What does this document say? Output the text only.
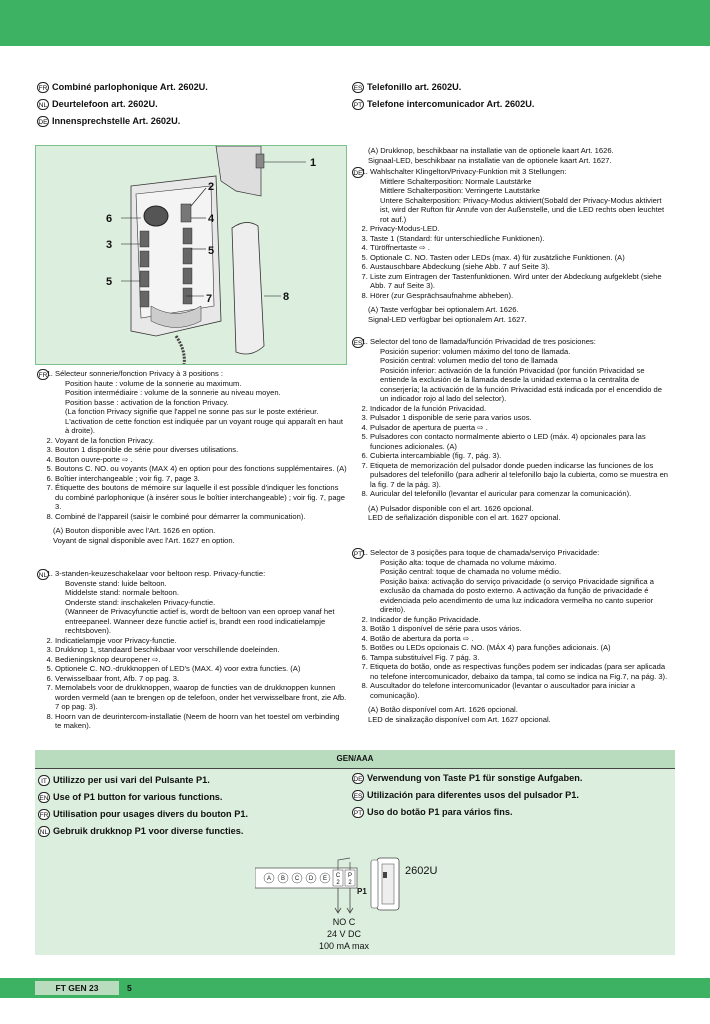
FR Combiné parlophonique Art. 2602U.
NL Deurtelefoon art. 2602U.
DE Innensprechstelle Art. 2602U.
ES Telefonillo art. 2602U.
PT Telefone intercomunicador Art. 2602U.
1
2
3
4
5
5
6
7	8
(A) Drukknop, beschikbaar na installatie van de optionele kaart Art. 1626.
Signaal-LED, beschikbaar na installatie van de optionele kaart Art. 1627.
DE 1. Wahlschalter Klingelton/Privacy-Funktion mit 3 Stellungen:
Mittlere Schalterposition: Normale Lautstärke
Mittlere Schalterposition: Verringerte Lautstärke
Untere Schalterposition: Privacy-Modus aktiviert(Sobald der Privacy-Modus aktiviert ist, wird der Rufton für Anrufe von der Außenstelle, und die LED rechts oben leuchtet rot auf.)
2. Privacy-Modus-LED.
3. Taste 1 (Standard: für unterschiedliche Funktionen).
4. Türöffnertaste ⇨ .
5. Optionale C. NO. Tasten oder LEDs (max. 4) für zusätzliche Funktionen. (A)
6. Austauschbare Abdeckung (siehe Abb. 7 auf Seite 3).
7. Liste zum Eintragen der Tastenfunktionen. Wird unter der Abdeckung aufgeklebt (siehe Abb. 7 auf Seite 3).
8. Hörer (zur Gesprächsaufnahme abheben).
(A) Taste verfügbar bei optionalem Art. 1626.
Signal-LED verfügbar bei optionalem Art. 1627.
ES 1. Selector del tono de llamada/función Privacidad de tres posiciones:
Posición superior: volumen máximo del tono de llamada.
Posición central: volumen medio del tono de llamada
Posición inferior: activación de la función Privacidad (por función Privacidad se entiende la exclusión de la llamada desde la unidad externa o la centralita de conserjería; la activación de la función Privacidad está indicada por el encendido de un indicador rojo al lado del selector).
2. Indicador de la función Privacidad.
3. Pulsador 1 disponible de serie para varios usos.
4. Pulsador de apertura de puerta ⇨ .
5. Pulsadores con contacto normalmente abierto o LED (máx. 4) opcionales para las funciones adicionales. (A)
6. Cubierta intercambiable (fig. 7, pág. 3).
7. Etiqueta de memorización del pulsador donde pueden indicarse las funciones de los pulsadores del telefonillo (para adherir al telefonillo bajo la cubierta, como se muestra en la fig. 7 de la pág. 3).
8. Auricular del telefonillo (levantar el auricular para comenzar la comunicación).
(A) Pulsador disponible con el art. 1626 opcional.
LED de señalización disponible con el art. 1627 opcional.
PT 1. Selector de 3 posições para toque de chamada/serviço Privacidade:
Posição alta: toque de chamada no volume máximo.
Posição central: toque de chamada no volume médio.
Posição baixa: activação do serviço privacidade (o serviço Privacidade significa a exclusão da chamada do posto externo. A activação da função de privacidade é evidenciada pelo acendimento de uma luz indicadora vermelha no canto superior direito).
2. Indicador de função Privacidade.
3. Botão 1 disponível de série para usos vários.
4. Botão de abertura da porta ⇨ .
5. Botões ou LEDs opcionais C. NO. (MÁX 4) para funções adicionais. (A)
6. Tampa substituível Fig. 7 pág. 3.
7. Etiqueta do botão, onde as respectivas funções podem ser indicadas (para ser aplicada no telefone intercomunicador, debaixo da tampa, tal como se indica na Fig.7, na pág. 3).
8. Auscultador do telefone intercomunicador (levantar o auscultador para iniciar a comunicação).
(A) Botão disponível com Art. 1626 opcional.
LED de sinalização disponível com Art. 1627 opcional.
FR 1. Sélecteur sonnerie/fonction Privacy à 3 positions :
Position haute : volume de la sonnerie au maximum.
Position intermédiaire : volume de la sonnerie au niveau moyen.
Position basse : activation de la fonction Privacy.
(La fonction Privacy signifie que l'appel ne sonne pas sur le poste extérieur. L'activation de cette fonction est indiquée par un voyant rouge qui apparaît en haut à droite).
2. Voyant de la fonction Privacy.
3. Bouton 1 disponible de série pour diverses utilisations.
4. Bouton ouvre-porte ⇨ .
5. Boutons C. NO. ou voyants (MAX 4) en option pour des fonctions supplémentaires. (A)
6. Boîtier interchangeable ; voir fig. 7, page 3.
7. Étiquette des boutons de mémoire sur laquelle il est possible d'indiquer les fonctions du combiné parlophonique (à insérer sous le boîtier interchangeable) ; voir fig. 7, page 3.
8. Combiné de l'appareil (saisir le combiné pour démarrer la communication).
(A) Bouton disponible avec l'Art. 1626 en option.
Voyant de signal disponible avec l'Art. 1627 en option.
NL 1. 3-standen-keuzeschakelaar voor beltoon resp. Privacy-functie:
Bovenste stand: luide beltoon.
Middelste stand: normale beltoon.
Onderste stand: inschakelen Privacy-functie.
(Wanneer de Privacyfunctie actief is, wordt de beltoon van een oproep vanaf het entreepaneel. Wanneer deze functie actief is, brandt een rood indicatielampje rechtsboven).
2. Indicatielampje voor Privacy-functie.
3. Drukknop 1, standaard beschikbaar voor verschillende doeleinden.
4. Bedieningsknop deuropener ⇨.
5. Optionele C. NO.-drukknoppen of LED's (MAX. 4) voor extra functies. (A)
6. Verwisselbaar front, Afb. 7 op pag. 3.
7. Memolabels voor de drukknoppen, waarop de functies van de drukknoppen kunnen worden vermeld (aan te brengen op de telefoon, onder het verwisselbare front, zie Afb. 7 op pag. 3).
8. Hoorn van de deurintercom-installatie (Neem de hoorn van het toestel om verbinding te maken).
GEN/AAA
IT Utilizzo per usi vari del Pulsante P1.
EN Use of P1 button for various functions.
FR Utilisation pour usages divers du bouton P1.
NL Gebruik drukknop P1 voor diverse functies.
DE Verwendung von Taste P1 für sonstige Aufgaben.
ES Utilización para diferentes usos del pulsador P1.
PT Uso do botão P1 para vários fins.
A B C D E C
2
P
2
NO C
24 V DC
100 mA max
2602U
P1
FT GEN 23	5
